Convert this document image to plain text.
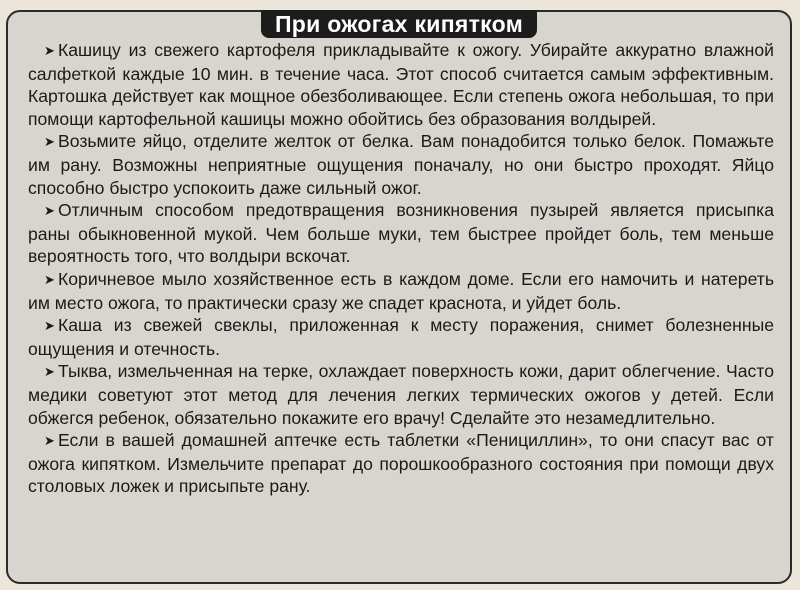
При ожогах кипятком

➤ Кашицу из свежего картофеля прикладывайте к ожогу. Убирайте аккуратно влажной салфеткой каждые 10 мин. в течение часа. Этот способ считается самым эффективным. Картошка действует как мощное обезболивающее. Если степень ожога небольшая, то при помощи картофельной кашицы можно обойтись без образования волдырей.

➤ Возьмите яйцо, отделите желток от белка. Вам понадобится только белок. Помажьте им рану. Возможны неприятные ощущения поначалу, но они быстро проходят. Яйцо способно быстро успокоить даже сильный ожог.

➤ Отличным способом предотвращения возникновения пузырей является присыпка раны обыкновенной мукой. Чем больше муки, тем быстрее пройдет боль, тем меньше вероятность того, что волдыри вскочат.

➤ Коричневое мыло хозяйственное есть в каждом доме. Если его намочить и натереть им место ожога, то практически сразу же спадет краснота, и уйдет боль.

➤ Каша из свежей свеклы, приложенная к месту поражения, снимет болезненные ощущения и отечность.

➤ Тыква, измельченная на терке, охлаждает поверхность кожи, дарит облегчение. Часто медики советуют этот метод для лечения легких термических ожогов у детей. Если обжегся ребенок, обязательно покажите его врачу! Сделайте это незамедлительно.

➤ Если в вашей домашней аптечке есть таблетки «Пенициллин», то они спасут вас от ожога кипятком. Измельчите препарат до порошкообразного состояния при помощи двух столовых ложек и присыпьте рану.
